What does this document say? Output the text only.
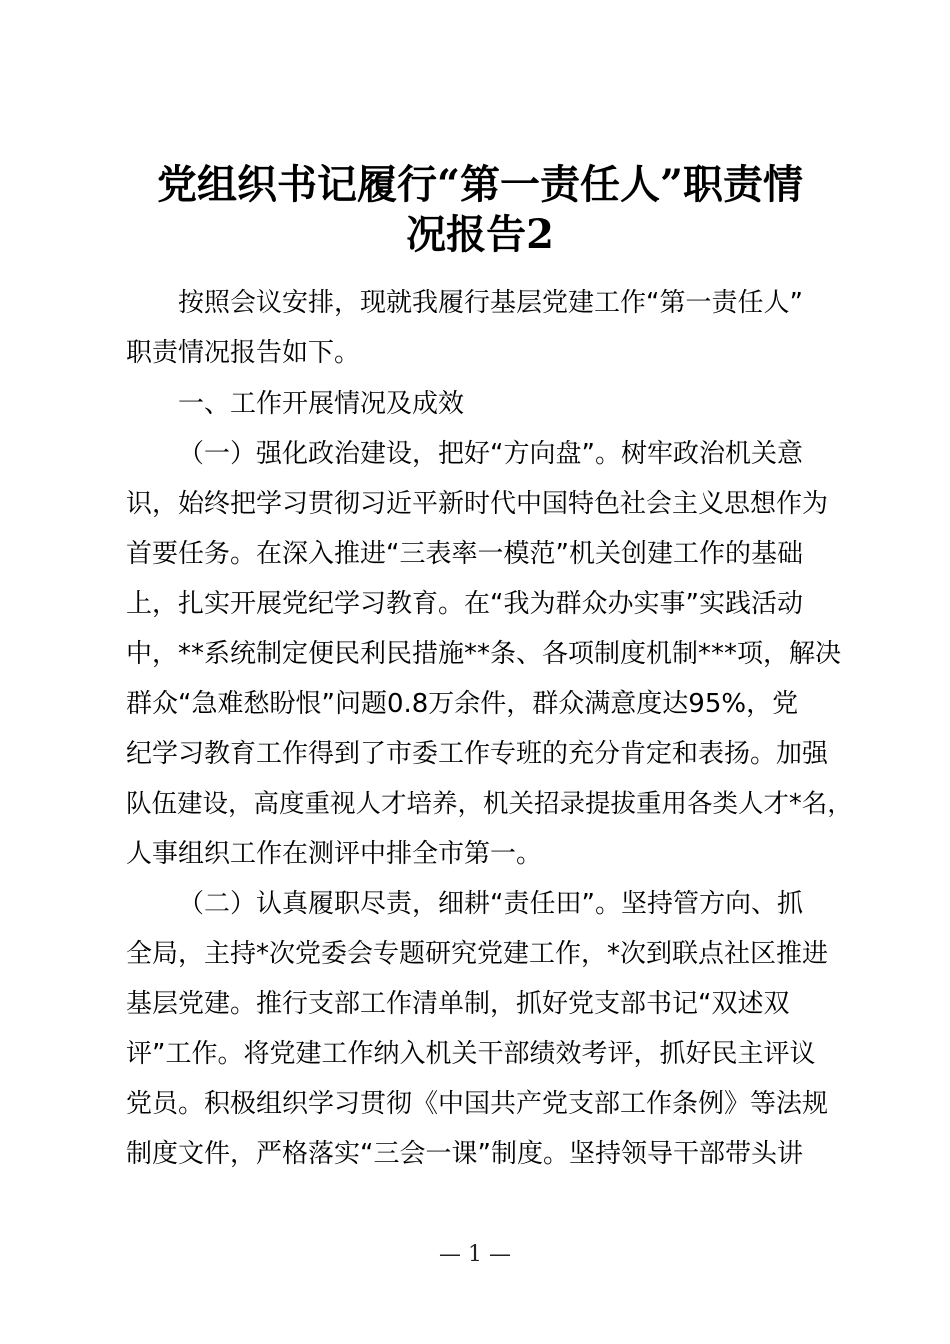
党组织书记履行“第一责任人”职责情
况报告2
按照会议安排，现就我履行基层党建工作“第一责任人”
职责情况报告如下。
一、工作开展情况及成效
（一）强化政治建设，把好“方向盘”。树牢政治机关意
识，始终把学习贯彻习近平新时代中国特色社会主义思想作为
首要任务。在深入推进“三表率一模范”机关创建工作的基础
上，扎实开展党纪学习教育。在“我为群众办实事”实践活动
中，**系统制定便民利民措施**条、各项制度机制***项，解决
群众“急难愁盼恨”问题0.8万余件，群众满意度达95%，党
纪学习教育工作得到了市委工作专班的充分肯定和表扬。加强
队伍建设，高度重视人才培养，机关招录提拔重用各类人才*名，
人事组织工作在测评中排全市第一。
（二）认真履职尽责，细耕“责任田”。坚持管方向、抓
全局，主持*次党委会专题研究党建工作，*次到联点社区推进
基层党建。推行支部工作清单制，抓好党支部书记“双述双
评”工作。将党建工作纳入机关干部绩效考评，抓好民主评议
党员。积极组织学习贯彻《中国共产党支部工作条例》等法规
制度文件，严格落实“三会一课”制度。坚持领导干部带头讲
— 1 —
